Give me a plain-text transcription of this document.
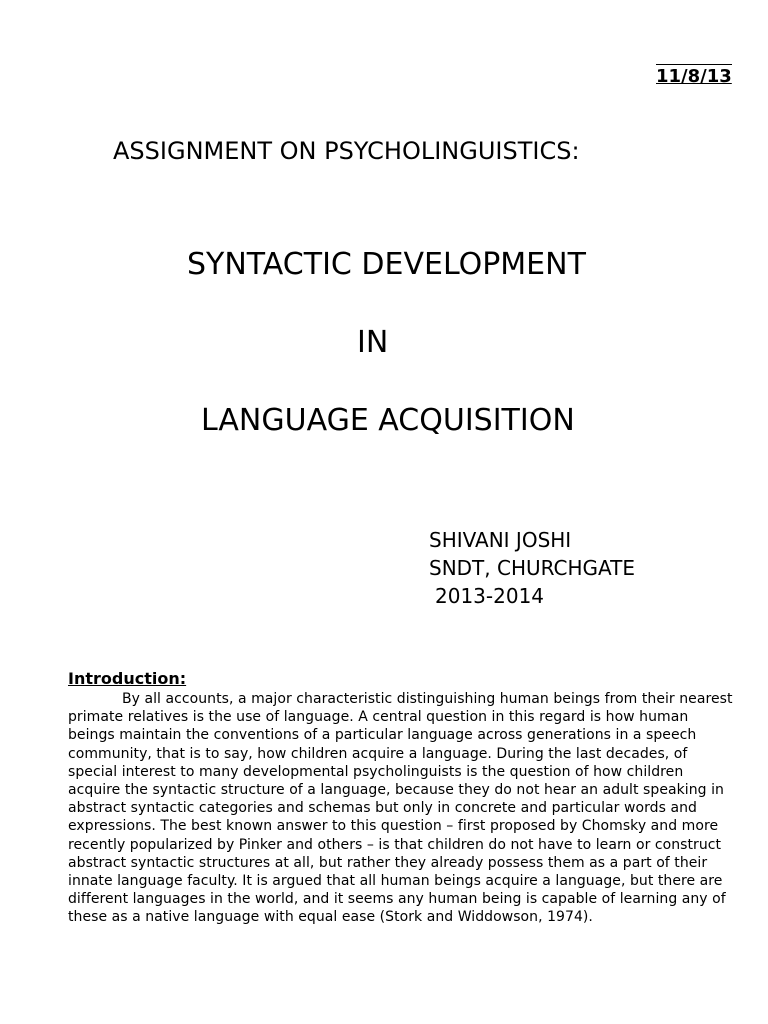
11/8/13
ASSIGNMENT ON PSYCHOLINGUISTICS:
SYNTACTIC DEVELOPMENT
IN
LANGUAGE ACQUISITION
SHIVANI JOSHI
SNDT, CHURCHGATE
2013-2014
Introduction:
By all accounts, a major characteristic distinguishing human beings from their nearest primate relatives is the use of language. A central question in this regard is how human beings maintain the conventions of a particular language across generations in a speech community, that is to say, how children acquire a language. During the last decades, of special interest to many developmental psycholinguists is the question of how children acquire the syntactic structure of a language, because they do not hear an adult speaking in abstract syntactic categories and schemas but only in concrete and particular words and expressions. The best known answer to this question – first proposed by Chomsky and more recently popularized by Pinker and others – is that children do not have to learn or construct abstract syntactic structures at all, but rather they already possess them as a part of their innate language faculty. It is argued that all human beings acquire a language, but there are different languages in the world, and it seems any human being is capable of learning any of these as a native language with equal ease (Stork and Widdowson, 1974).
